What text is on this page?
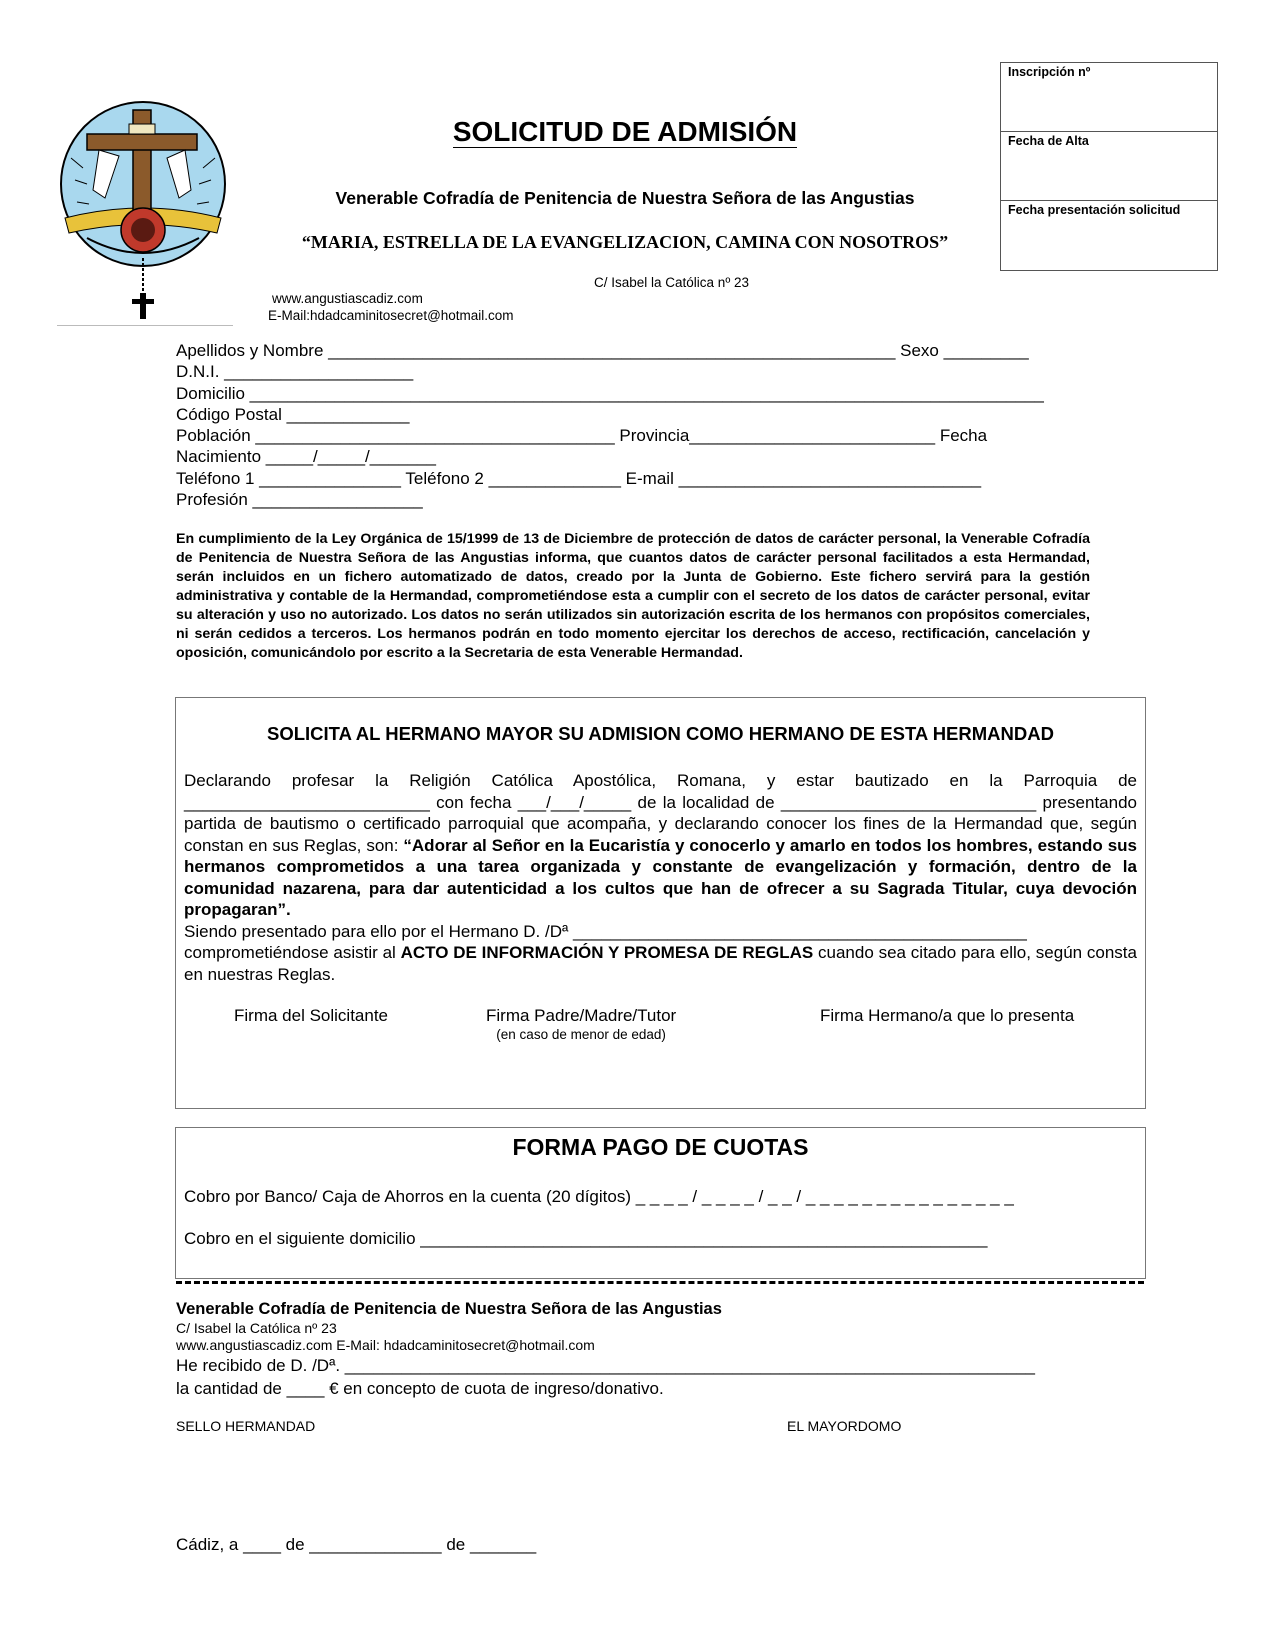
SOLICITUD DE ADMISIÓN
Venerable Cofradía de Penitencia de Nuestra Señora de las Angustias
“MARIA, ESTRELLA DE LA EVANGELIZACION, CAMINA CON NOSOTROS”
C/ Isabel la Católica nº 23
www.angustiascadiz.com
E-Mail:hdadcaminitosecret@hotmail.com
Inscripción nº
Fecha de Alta
Fecha presentación solicitud
Apellidos y Nombre ____________________________________________________________ Sexo _________
D.N.I. ____________________
Domicilio ____________________________________________________________________________________
Código Postal _____________
Población ______________________________________ Provincia__________________________ Fecha
Nacimiento _____/_____/_______
Teléfono 1 _______________ Teléfono 2 ______________ E-mail ________________________________
Profesión __________________
En cumplimiento de la Ley Orgánica de 15/1999 de 13 de Diciembre de protección de datos de carácter personal, la Venerable Cofradía de Penitencia de Nuestra Señora de las Angustias informa, que cuantos datos de carácter personal facilitados a esta Hermandad, serán incluidos en un fichero automatizado de datos, creado por la Junta de Gobierno. Este fichero servirá para la gestión administrativa y contable de la Hermandad, comprometiéndose esta a cumplir con el secreto de los datos de carácter personal, evitar su alteración y uso no autorizado. Los datos no serán utilizados sin autorización escrita de los hermanos con propósitos comerciales, ni serán cedidos a terceros. Los hermanos podrán en todo momento ejercitar los derechos de acceso, rectificación, cancelación y oposición, comunicándolo por escrito a la Secretaria de esta Venerable Hermandad.
SOLICITA AL HERMANO MAYOR SU ADMISION COMO HERMANO DE ESTA HERMANDAD
Declarando profesar la Religión Católica Apostólica, Romana, y estar bautizado en la Parroquia de __________________________ con fecha ___/___/_____ de la localidad de ___________________________ presentando partida de bautismo o certificado parroquial que acompaña, y declarando conocer los fines de la Hermandad que, según constan en sus Reglas, son: “Adorar al Señor en la Eucaristía y conocerlo y amarlo en todos los hombres, estando sus hermanos comprometidos a una tarea organizada y constante de evangelización y formación, dentro de la comunidad nazarena, para dar autenticidad a los cultos que han de ofrecer a su Sagrada Titular, cuya devoción propagaran”.
Siendo presentado para ello por el Hermano D. /Dª ________________________________________________
comprometiéndose asistir al ACTO DE INFORMACIÓN Y PROMESA DE REGLAS cuando sea citado para ello, según consta en nuestras Reglas.
Firma del Solicitante	Firma Padre/Madre/Tutor
(en caso de menor de edad)
Firma Hermano/a que lo presenta
FORMA PAGO DE CUOTAS
Cobro por Banco/ Caja de Ahorros en la cuenta (20 dígitos) _ _ _ _ / _ _ _ _ / _ _ / _ _ _ _ _ _ _ _ _ _ _ _ _ _ _
Cobro en el siguiente domicilio ____________________________________________________________
Venerable Cofradía de Penitencia de Nuestra Señora de las Angustias
C/ Isabel la Católica nº 23
www.angustiascadiz.com E-Mail: hdadcaminitosecret@hotmail.com
He recibido de D. /Dª. _________________________________________________________________________
la cantidad de ____ € en concepto de cuota de ingreso/donativo.
SELLO HERMANDAD	EL MAYORDOMO
Cádiz, a ____ de ______________ de _______
